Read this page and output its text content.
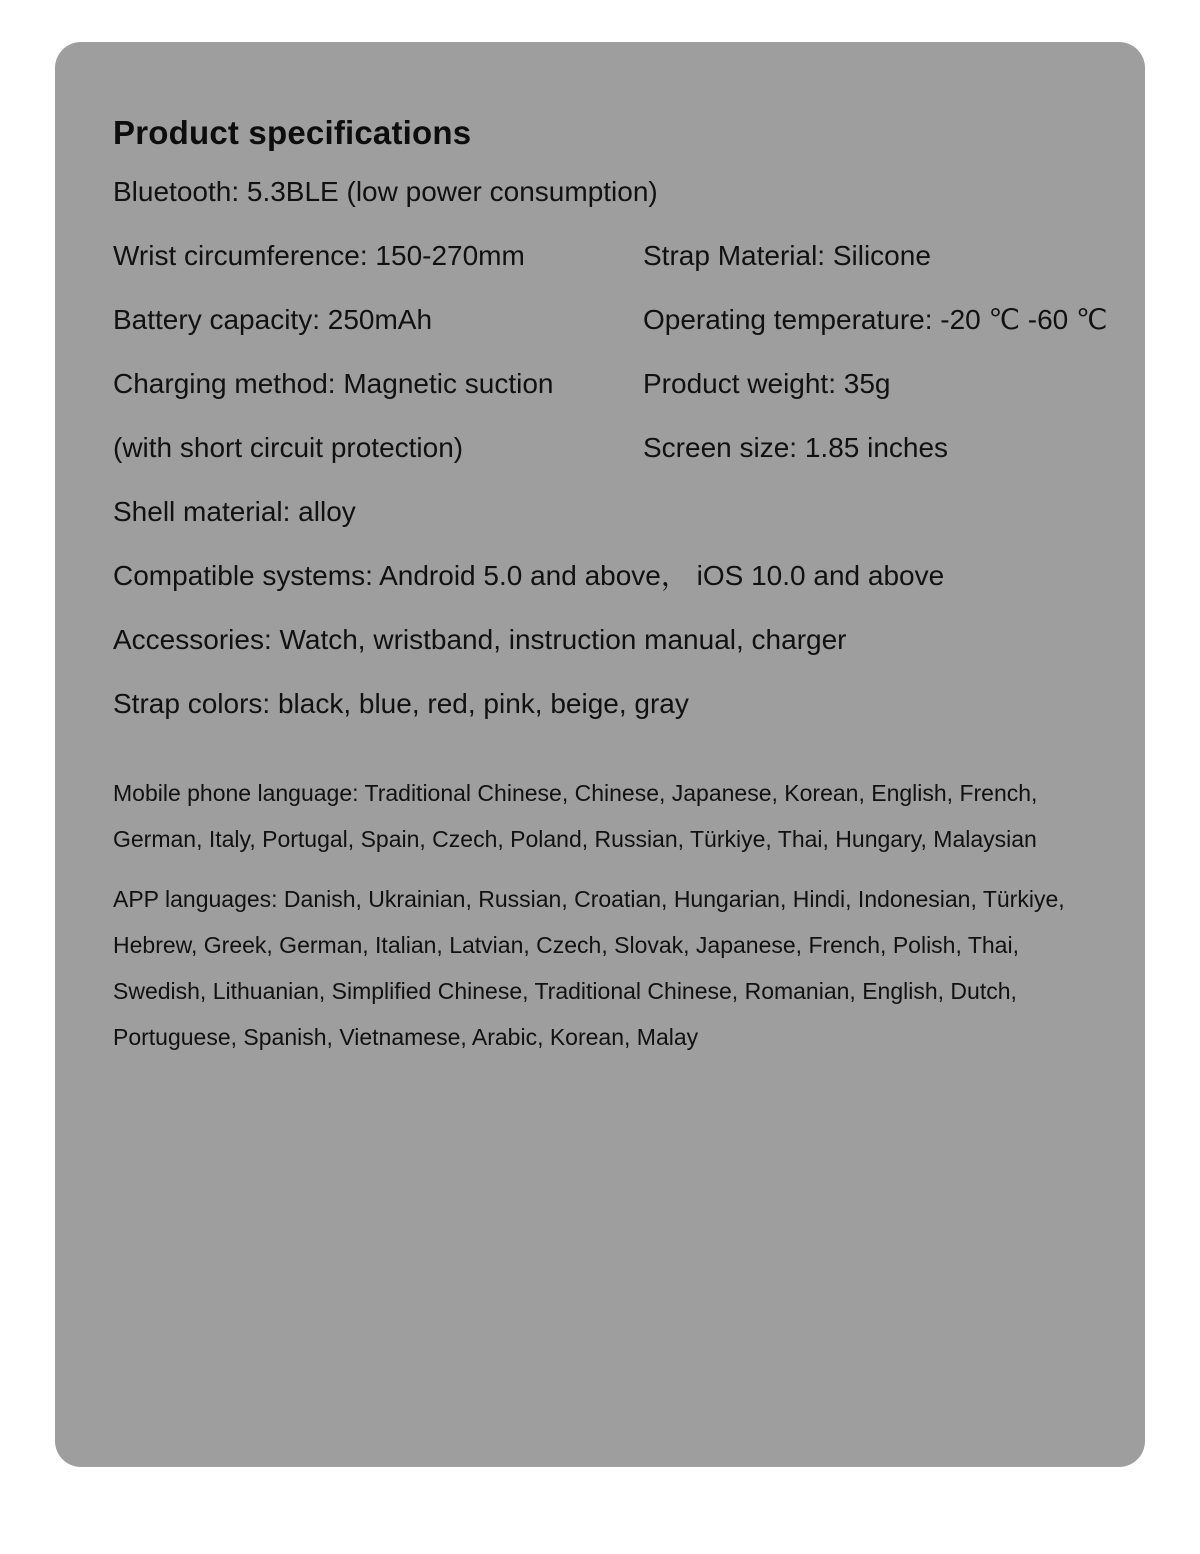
Product specifications

Bluetooth: 5.3BLE (low power consumption)

Wrist circumference: 150-270mm	Strap Material: Silicone
Battery capacity: 250mAh	Operating temperature: -20 ℃ -60 ℃
Charging method: Magnetic suction	Product weight: 35g
(with short circuit protection)	Screen size: 1.85 inches

Shell material: alloy

Compatible systems: Android 5.0 and above， iOS 10.0 and above

Accessories: Watch, wristband, instruction manual, charger

Strap colors: black, blue, red, pink, beige, gray

Mobile phone language: Traditional Chinese, Chinese, Japanese, Korean, English, French, German, Italy, Portugal, Spain, Czech, Poland, Russian, Türkiye, Thai, Hungary, Malaysian

APP languages: Danish, Ukrainian, Russian, Croatian, Hungarian, Hindi, Indonesian, Türkiye, Hebrew, Greek, German, Italian, Latvian, Czech, Slovak, Japanese, French, Polish, Thai, Swedish, Lithuanian, Simplified Chinese, Traditional Chinese, Romanian, English, Dutch, Portuguese, Spanish, Vietnamese, Arabic, Korean, Malay
